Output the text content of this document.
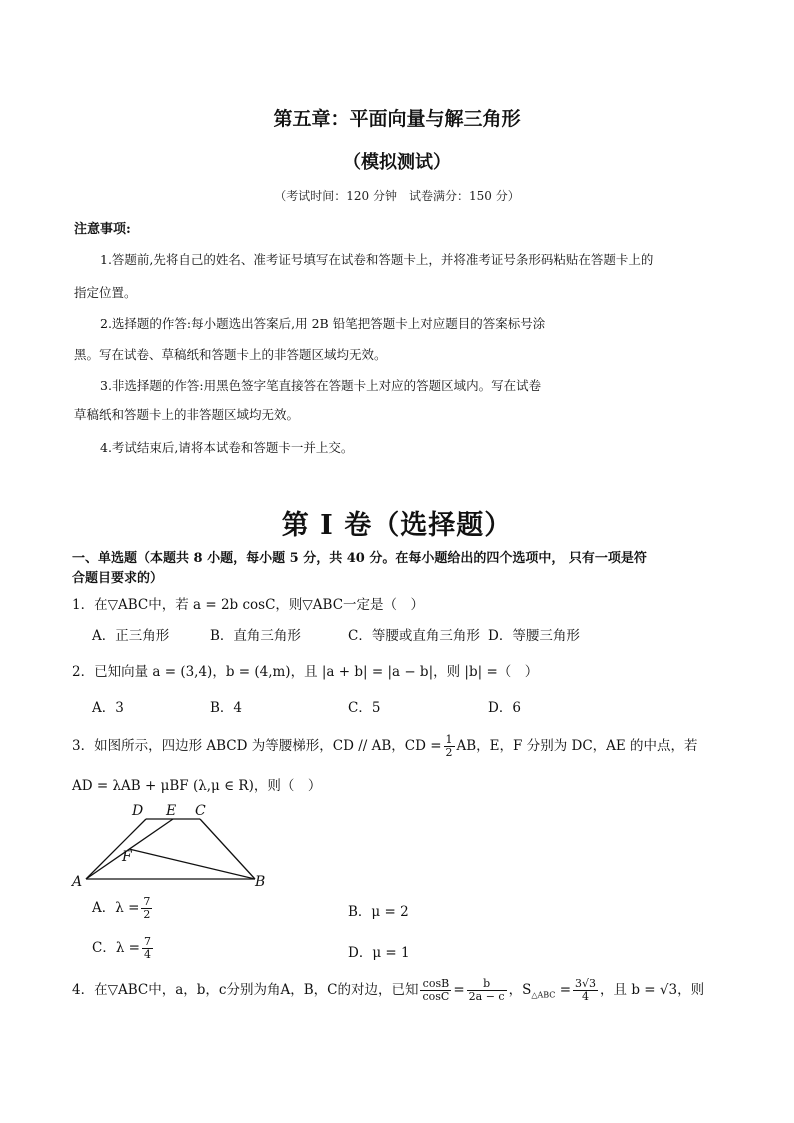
第五章：平面向量与解三角形
（模拟测试）
（考试时间：120 分钟　试卷满分：150 分）
注意事项:
1.答题前,先将自己的姓名、准考证号填写在试卷和答题卡上，并将准考证号条形码粘贴在答题卡上的
指定位置。
2.选择题的作答:每小题选出答案后,用 2B 铅笔把答题卡上对应题目的答案标号涂
黑。写在试卷、草稿纸和答题卡上的非答题区域均无效。
3.非选择题的作答:用黑色签字笔直接答在答题卡上对应的答题区域内。写在试卷
草稿纸和答题卡上的非答题区域均无效。
4.考试结束后,请将本试卷和答题卡一并上交。
第 I 卷（选择题）
一、单选题（本题共 8 小题，每小题 5 分，共 40 分。在每小题给出的四个选项中， 只有一项是符
合题目要求的）
1．在▽ABC中，若 a = 2b cosC，则▽ABC一定是（　）
A．正三角形	B．直角三角形	C．等腰或直角三角形 D．等腰三角形
2．已知向量 a = (3,4)，b = (4,m)，且 |a + b| = |a − b|，则 |b| =（　）
A．3	B．4	C．5	D．6
3．如图所示，四边形 ABCD 为等腰梯形，CD // AB，CD = $\frac{1}{2}$ AB，E，F 分别为 DC，AE 的中点，若
AD = λAB + μBF (λ,μ ∈ R)，则（　）
D E C
F
A	B
A．$\lambda = \frac{7}{2}$	B．μ = 2
C．$\lambda = \frac{7}{4}$	D．μ = 1
4．在▽ABC中，a，b，c分别为角A，B，C的对边，已知 $\frac{\cos B}{\cos C} = \frac{b}{2a - c}$ ，$S_{\triangle ABC} = \frac{3√3}{4}$ ，且 b = √3，则
